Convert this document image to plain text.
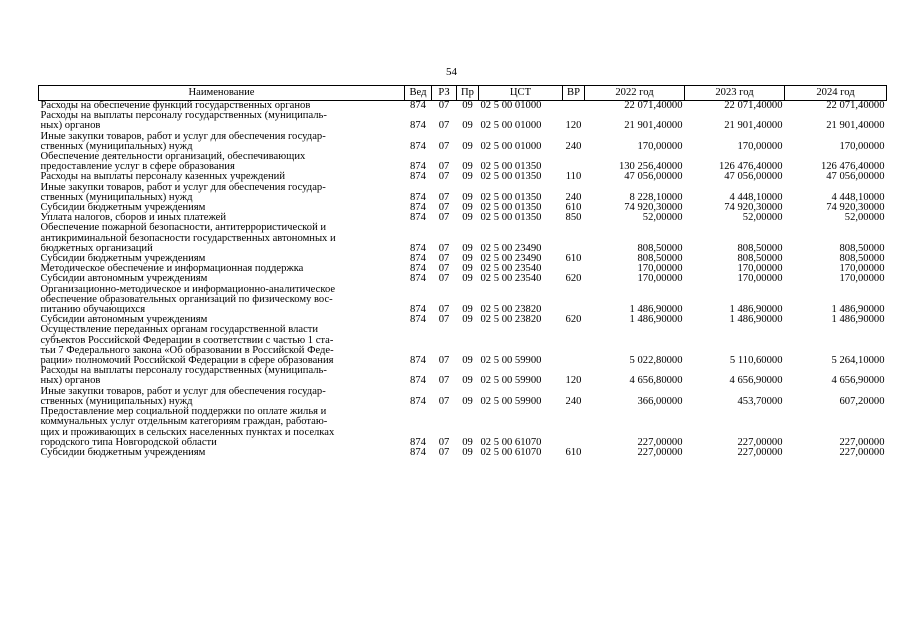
54
Наименование	Вед	РЗ	Пр	ЦСТ	ВР	2022 год	2023 год	2024 год
Расходы на обеспечение функций государственных органов	874	07	09	02 5 00 01000		22 071,40000	22 071,40000	22 071,40000
Расходы на выплаты персоналу государственных (муниципаль-
ных) органов	874	07	09	02 5 00 01000	120	21 901,40000	21 901,40000	21 901,40000
Иные закупки товаров, работ и услуг для обеспечения государ-
ственных (муниципальных) нужд	874	07	09	02 5 00 01000	240	170,00000	170,00000	170,00000
Обеспечение деятельности организаций, обеспечивающих
предоставление услуг в сфере образования	874	07	09	02 5 00 01350		130 256,40000	126 476,40000	126 476,40000
Расходы на выплаты персоналу казенных учреждений	874	07	09	02 5 00 01350	110	47 056,00000	47 056,00000	47 056,00000
Иные закупки товаров, работ и услуг для обеспечения государ-
ственных (муниципальных) нужд	874	07	09	02 5 00 01350	240	8 228,10000	4 448,10000	4 448,10000
Субсидии бюджетным учреждениям	874	07	09	02 5 00 01350	610	74 920,30000	74 920,30000	74 920,30000
Уплата налогов, сборов и иных платежей	874	07	09	02 5 00 01350	850	52,00000	52,00000	52,00000
Обеспечение пожарной безопасности, антитеррористической и
антикриминальной безопасности государственных автономных и
бюджетных организаций	874	07	09	02 5 00 23490		808,50000	808,50000	808,50000
Субсидии бюджетным учреждениям	874	07	09	02 5 00 23490	610	808,50000	808,50000	808,50000
Методическое обеспечение и информационная поддержка	874	07	09	02 5 00 23540		170,00000	170,00000	170,00000
Субсидии автономным учреждениям	874	07	09	02 5 00 23540	620	170,00000	170,00000	170,00000
Организационно-методическое и информационно-аналитическое
обеспечение образовательных организаций по физическому вос-
питанию обучающихся	874	07	09	02 5 00 23820		1 486,90000	1 486,90000	1 486,90000
Субсидии автономным учреждениям	874	07	09	02 5 00 23820	620	1 486,90000	1 486,90000	1 486,90000
Осуществление переданных органам государственной власти
субъектов Российской Федерации в соответствии с частью 1 ста-
тьи 7 Федерального закона «Об образовании в Российской Феде-
рации» полномочий Российской Федерации в сфере образования	874	07	09	02 5 00 59900		5 022,80000	5 110,60000	5 264,10000
Расходы на выплаты персоналу государственных (муниципаль-
ных) органов	874	07	09	02 5 00 59900	120	4 656,80000	4 656,90000	4 656,90000
Иные закупки товаров, работ и услуг для обеспечения государ-
ственных (муниципальных) нужд	874	07	09	02 5 00 59900	240	366,00000	453,70000	607,20000
Предоставление мер социальной поддержки по оплате жилья и
коммунальных услуг отдельным категориям граждан, работаю-
щих и проживающих в сельских населенных пунктах и поселках
городского типа Новгородской области	874	07	09	02 5 00 61070		227,00000	227,00000	227,00000
Субсидии бюджетным учреждениям	874	07	09	02 5 00 61070	610	227,00000	227,00000	227,00000
